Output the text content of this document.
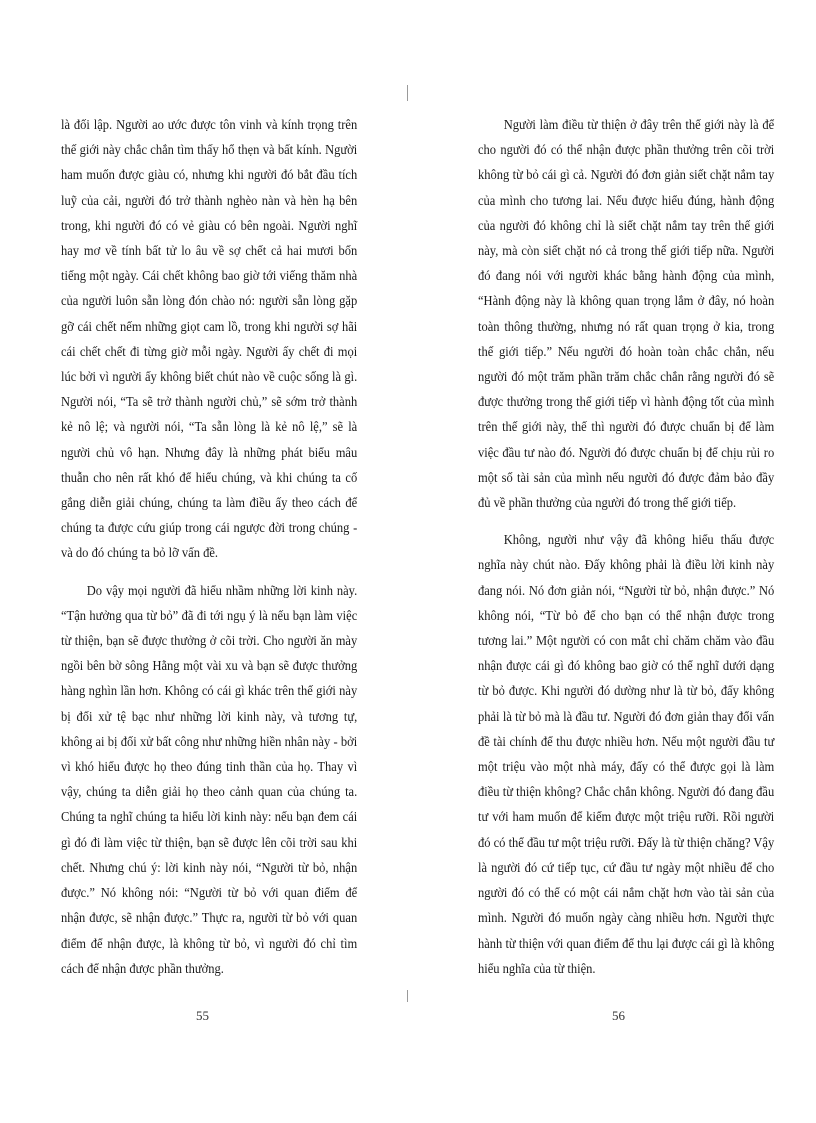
là đối lập. Người ao ước được tôn vinh và kính trọng trên thế giới này chắc chắn tìm thấy hổ thẹn và bất kính. Người ham muốn được giàu có, nhưng khi người đó bắt đầu tích luỹ của cải, người đó trở thành nghèo nàn và hèn hạ bên trong, khi người đó có vẻ giàu có bên ngoài. Người nghĩ hay mơ về tính bất tử lo âu về sợ chết cả hai mươi bốn tiếng một ngày. Cái chết không bao giờ tới viếng thăm nhà của người luôn sẵn lòng đón chào nó: người sẵn lòng gặp gỡ cái chết nếm những giọt cam lồ, trong khi người sợ hãi cái chết chết đi từng giờ mỗi ngày. Người ấy chết đi mọi lúc bởi vì người ấy không biết chút nào về cuộc sống là gì. Người nói, “Ta sẽ trở thành người chủ,” sẽ sớm trở thành kẻ nô lệ; và người nói, “Ta sẵn lòng là kẻ nô lệ,” sẽ là người chủ vô hạn. Nhưng đây là những phát biểu mâu thuẫn cho nên rất khó để hiểu chúng, và khi chúng ta cố gắng diễn giải chúng, chúng ta làm điều ấy theo cách để chúng ta được cứu giúp trong cái ngược đời trong chúng - và do đó chúng ta bỏ lỡ vấn đề.

Do vậy mọi người đã hiểu nhầm những lời kinh này. “Tận hưởng qua từ bỏ” đã đi tới ngụ ý là nếu bạn làm việc từ thiện, bạn sẽ được thưởng ở cõi trời. Cho người ăn mày ngồi bên bờ sông Hằng một vài xu và bạn sẽ được thưởng hàng nghìn lần hơn. Không có cái gì khác trên thế giới này bị đối xử tệ bạc như những lời kinh này, và tương tự, không ai bị đối xử bất công như những hiền nhân này - bởi vì khó hiểu được họ theo đúng tinh thần của họ. Thay vì vậy, chúng ta diễn giải họ theo cảnh quan của chúng ta. Chúng ta nghĩ chúng ta hiểu lời kinh này: nếu bạn đem cái gì đó đi làm việc từ thiện, bạn sẽ được lên cõi trời sau khi chết. Nhưng chú ý: lời kinh này nói, “Người từ bỏ, nhận được.” Nó không nói: “Người từ bỏ với quan điểm để nhận được, sẽ nhận được.” Thực ra, người từ bỏ với quan điểm để nhận được, là không từ bỏ, vì người đó chỉ tìm cách để nhận được phần thưởng.

Người làm điều từ thiện ở đây trên thế giới này là để cho người đó có thể nhận được phần thưởng trên cõi trời không từ bỏ cái gì cả. Người đó đơn giản siết chặt nắm tay của mình cho tương lai. Nếu được hiểu đúng, hành động của người đó không chỉ là siết chặt nắm tay trên thế giới này, mà còn siết chặt nó cả trong thế giới tiếp nữa. Người đó đang nói với người khác bằng hành động của mình, “Hành động này là không quan trọng lắm ở đây, nó hoàn toàn thông thường, nhưng nó rất quan trọng ở kia, trong thế giới tiếp.” Nếu người đó hoàn toàn chắc chắn, nếu người đó một trăm phần trăm chắc chắn rằng người đó sẽ được thưởng trong thế giới tiếp vì hành động tốt của mình trên thế giới này, thế thì người đó được chuẩn bị để làm việc đầu tư nào đó. Người đó được chuẩn bị để chịu rủi ro một số tài sản của mình nếu người đó được đảm bảo đầy đủ về phần thưởng của người đó trong thế giới tiếp.

Không, người như vậy đã không hiểu thấu được nghĩa này chút nào. Đấy không phải là điều lời kinh này đang nói. Nó đơn giản nói, “Người từ bỏ, nhận được.” Nó không nói, “Từ bỏ để cho bạn có thể nhận được trong tương lai.” Một người có con mắt chỉ chăm chăm vào đầu nhận được cái gì đó không bao giờ có thể nghĩ dưới dạng từ bỏ được. Khi người đó dường như là từ bỏ, đấy không phải là từ bỏ mà là đầu tư. Người đó đơn giản thay đổi vấn đề tài chính để thu được nhiều hơn. Nếu một người đầu tư một triệu vào một nhà máy, đấy có thể được gọi là làm điều từ thiện không? Chắc chắn không. Người đó đang đầu tư với ham muốn để kiếm được một triệu rưỡi. Rồi người đó có thể đầu tư một triệu rưỡi. Đấy là từ thiện chăng? Vậy là người đó cứ tiếp tục, cứ đầu tư ngày một nhiều để cho người đó có thể có một cái nắm chặt hơn vào tài sản của mình. Người đó muốn ngày càng nhiều hơn. Người thực hành từ thiện với quan điểm để thu lại được cái gì là không hiểu nghĩa của từ thiện.

55	56
